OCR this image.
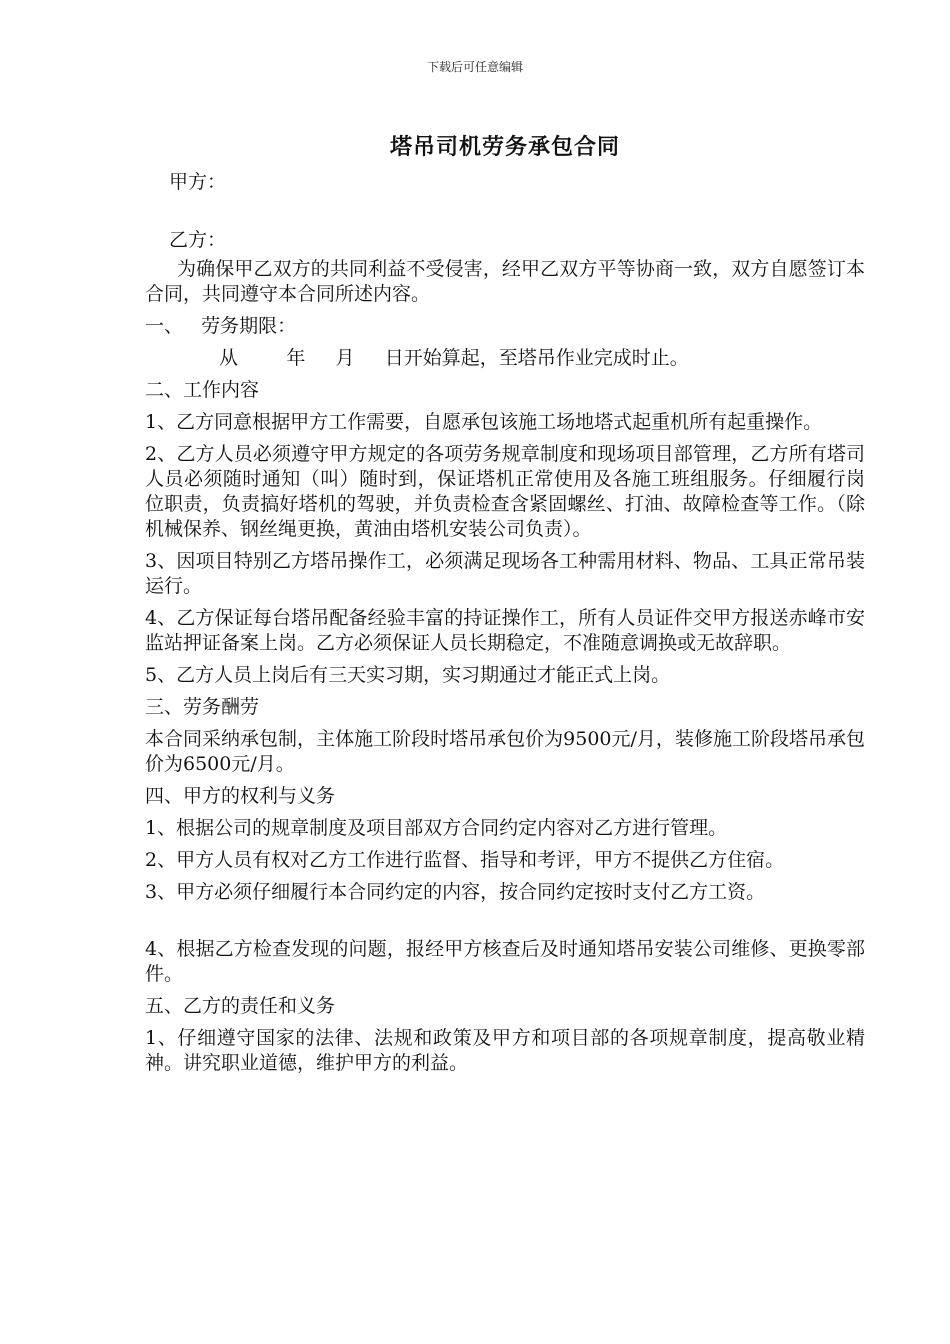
下载后可任意编辑
塔吊司机劳务承包合同

甲方：

乙方：

为确保甲乙双方的共同利益不受侵害，经甲乙双方平等协商一致，双方自愿签订本合同，共同遵守本合同所述内容。

一、   劳务期限：

从        年     月     日开始算起，至塔吊作业完成时止。

二、工作内容

1、乙方同意根据甲方工作需要，自愿承包该施工场地塔式起重机所有起重操作。

2、乙方人员必须遵守甲方规定的各项劳务规章制度和现场项目部管理，乙方所有塔司人员必须随时通知（叫）随时到，保证塔机正常使用及各施工班组服务。仔细履行岗位职责，负责搞好塔机的驾驶，并负责检查含紧固螺丝、打油、故障检查等工作。（除机械保养、钢丝绳更换，黄油由塔机安装公司负责）。

3、因项目特别乙方塔吊操作工，必须满足现场各工种需用材料、物品、工具正常吊装运行。

4、乙方保证每台塔吊配备经验丰富的持证操作工，所有人员证件交甲方报送赤峰市安监站押证备案上岗。乙方必须保证人员长期稳定，不准随意调换或无故辞职。

5、乙方人员上岗后有三天实习期，实习期通过才能正式上岗。

三、劳务酬劳

本合同采纳承包制，主体施工阶段时塔吊承包价为9500元/月，装修施工阶段塔吊承包价为6500元/月。

四、甲方的权利与义务

1、根据公司的规章制度及项目部双方合同约定内容对乙方进行管理。

2、甲方人员有权对乙方工作进行监督、指导和考评，甲方不提供乙方住宿。

3、甲方必须仔细履行本合同约定的内容，按合同约定按时支付乙方工资。

4、根据乙方检查发现的问题，报经甲方核查后及时通知塔吊安装公司维修、更换零部件。

五、乙方的责任和义务

1、仔细遵守国家的法律、法规和政策及甲方和项目部的各项规章制度，提高敬业精神。讲究职业道德，维护甲方的利益。
